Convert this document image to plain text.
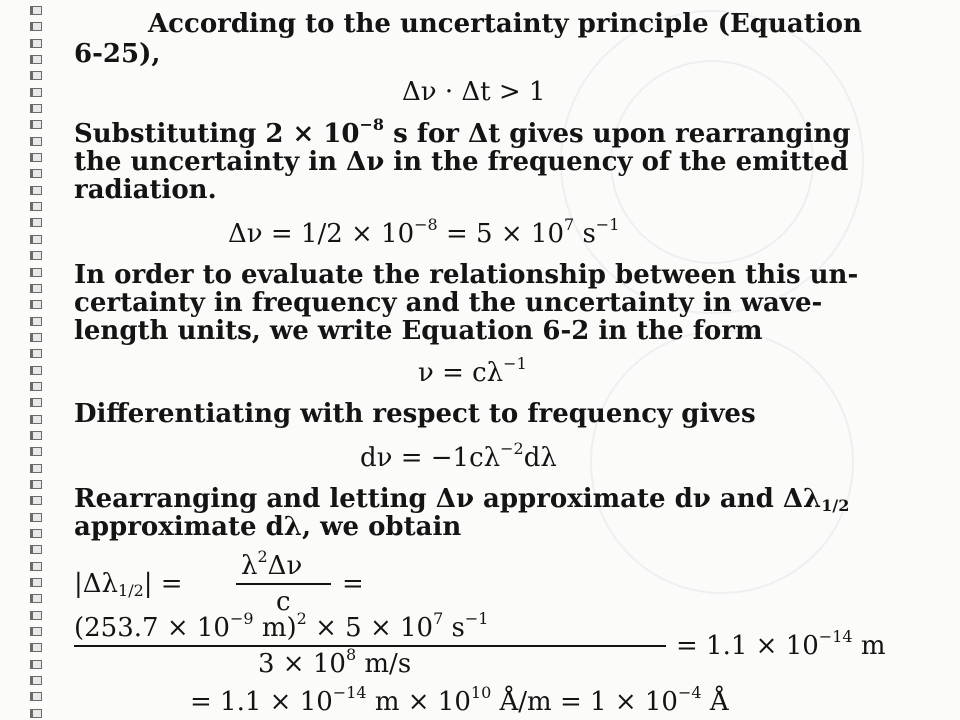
According to the uncertainty principle (Equation
6-25),
Δν · Δt > 1
Substituting $2 \times 10^{-8}$ s for Δt gives upon rearranging
the uncertainty in Δν in the frequency of the emitted
radiation.
$\Delta\nu = 1/2 \times 10^{-8} = 5 \times 10^7$ $s^{-1}$
In order to evaluate the relationship between this un-
certainty in frequency and the uncertainty in wave-
length units, we write Equation 6-2 in the form
$\nu = c\lambda^{-1}$
Differentiating with respect to frequency gives
$d\nu = -1c\lambda^{-2}d\lambda$
Rearranging and letting Δν approximate dν and $\Delta\lambda_{1/2}$
approximate dλ, we obtain
$|\Delta\lambda_{1/2}|$ =
$\lambda^2\Delta\nu$
c
=
($253.7 \times 10^{-9}$ $m)^2 \times 5 \times 10^7$ $s^{-1}$
$3 \times 10^8$ m/s
= $1.1 \times 10^{-14}$ m
= $1.1 \times 10^{-14}$ $m \times 10^{10}$ Å/m = $1 \times 10^{-4}$ Å
